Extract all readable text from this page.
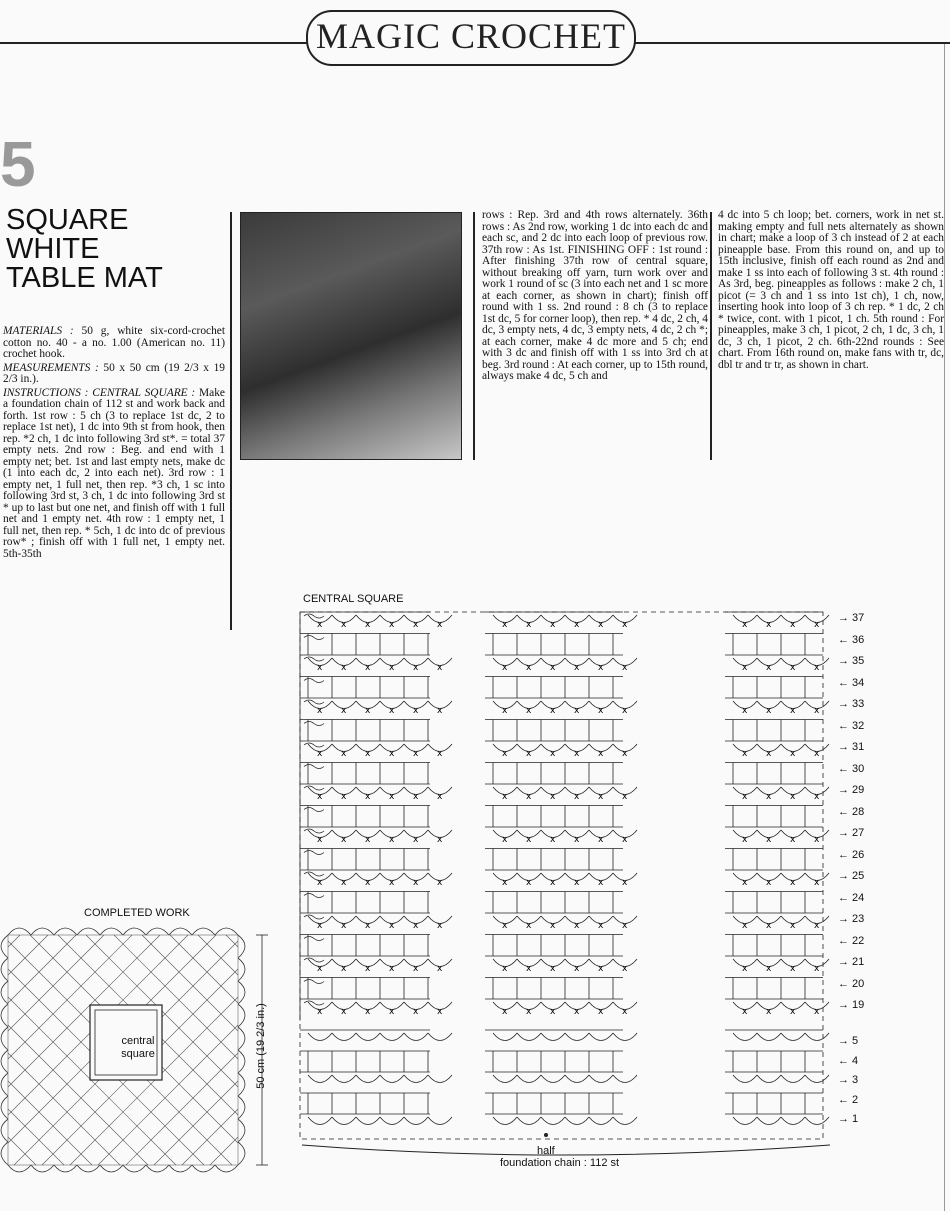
MAGIC CROCHET
5
SQUARE
WHITE
TABLE MAT

MATERIALS : 50 g, white six-cord-crochet cotton no. 40 - a no. 1.00 (American no. 11) crochet hook.

MEASUREMENTS : 50 x 50 cm (19 2/3 x 19 2/3 in.).

INSTRUCTIONS : CENTRAL SQUARE : Make a foundation chain of 112 st and work back and forth. 1st row : 5 ch (3 to replace 1st dc, 2 to replace 1st net), 1 dc into 9th st from hook, then rep. *2 ch, 1 dc into following 3rd st*. = total 37 empty nets. 2nd row : Beg. and end with 1 empty net; bet. 1st and last empty nets, make dc (1 into each dc, 2 into each net). 3rd row : 1 empty net, 1 full net, then rep. *3 ch, 1 sc into following 3rd st, 3 ch, 1 dc into following 3rd st * up to last but one net, and finish off with 1 full net and 1 empty net. 4th row : 1 empty net, 1 full net, then rep. * 5ch, 1 dc into dc of previous row* ; finish off with 1 full net, 1 empty net. 5th-35th

rows : Rep. 3rd and 4th rows alternately. 36th rows : As 2nd row, working 1 dc into each dc and each sc, and 2 dc into each loop of previous row. 37th row : As 1st. FINISHING OFF : 1st round : After finishing 37th row of central square, without breaking off yarn, turn work over and work 1 round of sc (3 into each net and 1 sc more at each corner, as shown in chart); finish off round with 1 ss. 2nd round : 8 ch (3 to replace 1st dc, 5 for corner loop), then rep. * 4 dc, 2 ch, 4 dc, 3 empty nets, 4 dc, 3 empty nets, 4 dc, 2 ch *; at each corner, make 4 dc more and 5 ch; end with 3 dc and finish off with 1 ss into 3rd ch at beg. 3rd round : At each corner, up to 15th round, always make 4 dc, 5 ch and
4 dc into 5 ch loop; bet. corners, work in net st. making empty and full nets alternately as shown in chart; make a loop of 3 ch instead of 2 at each pineapple base. From this round on, and up to 15th inclusive, finish off each round as 2nd and make 1 ss into each of following 3 st. 4th round : As 3rd, beg. pineapples as follows : make 2 ch, 1 picot (= 3 ch and 1 ss into 1st ch), 1 ch, now, inserting hook into loop of 3 ch rep. * 1 dc, 2 ch * twice, cont. with 1 picot, 1 ch. 5th round : For pineapples, make 3 ch, 1 picot, 2 ch, 1 dc, 3 ch, 1 dc, 3 ch, 1 picot, 2 ch. 6th-22nd rounds : See chart. From 16th round on, make fans with tr, dc, dbl tr and tr tr, as shown in chart.
CENTRAL SQUARE
x x x x x x	x x x x x x	x x x x
x x x x x x	x x x x x x	x x x x
x x x x x x	x x x x x x	x x x x
x x x x x x	x x x x x x	x x x x
x x x x x x	x x x x x x	x x x x
x x x x x x	x x x x x x	x x x x
x x x x x x	x x x x x x	x x x x
x x x x x x	x x x x x x	x x x x
x x x x x x	x x x x x x	x x x x
x x x x x x	x x x x x x	x x x x
→ 37
← 36
→ 35
← 34
→ 33
← 32
→ 31
← 30
→ 29
← 28
→ 27
← 26
→ 25
← 24
→ 23
← 22
→ 21
← 20
→ 19
→ 5
← 4
→ 3
← 2
→ 1
half
foundation chain : 112 st
COMPLETED WORK
central
square	50 cm (19 2/3 in.)
